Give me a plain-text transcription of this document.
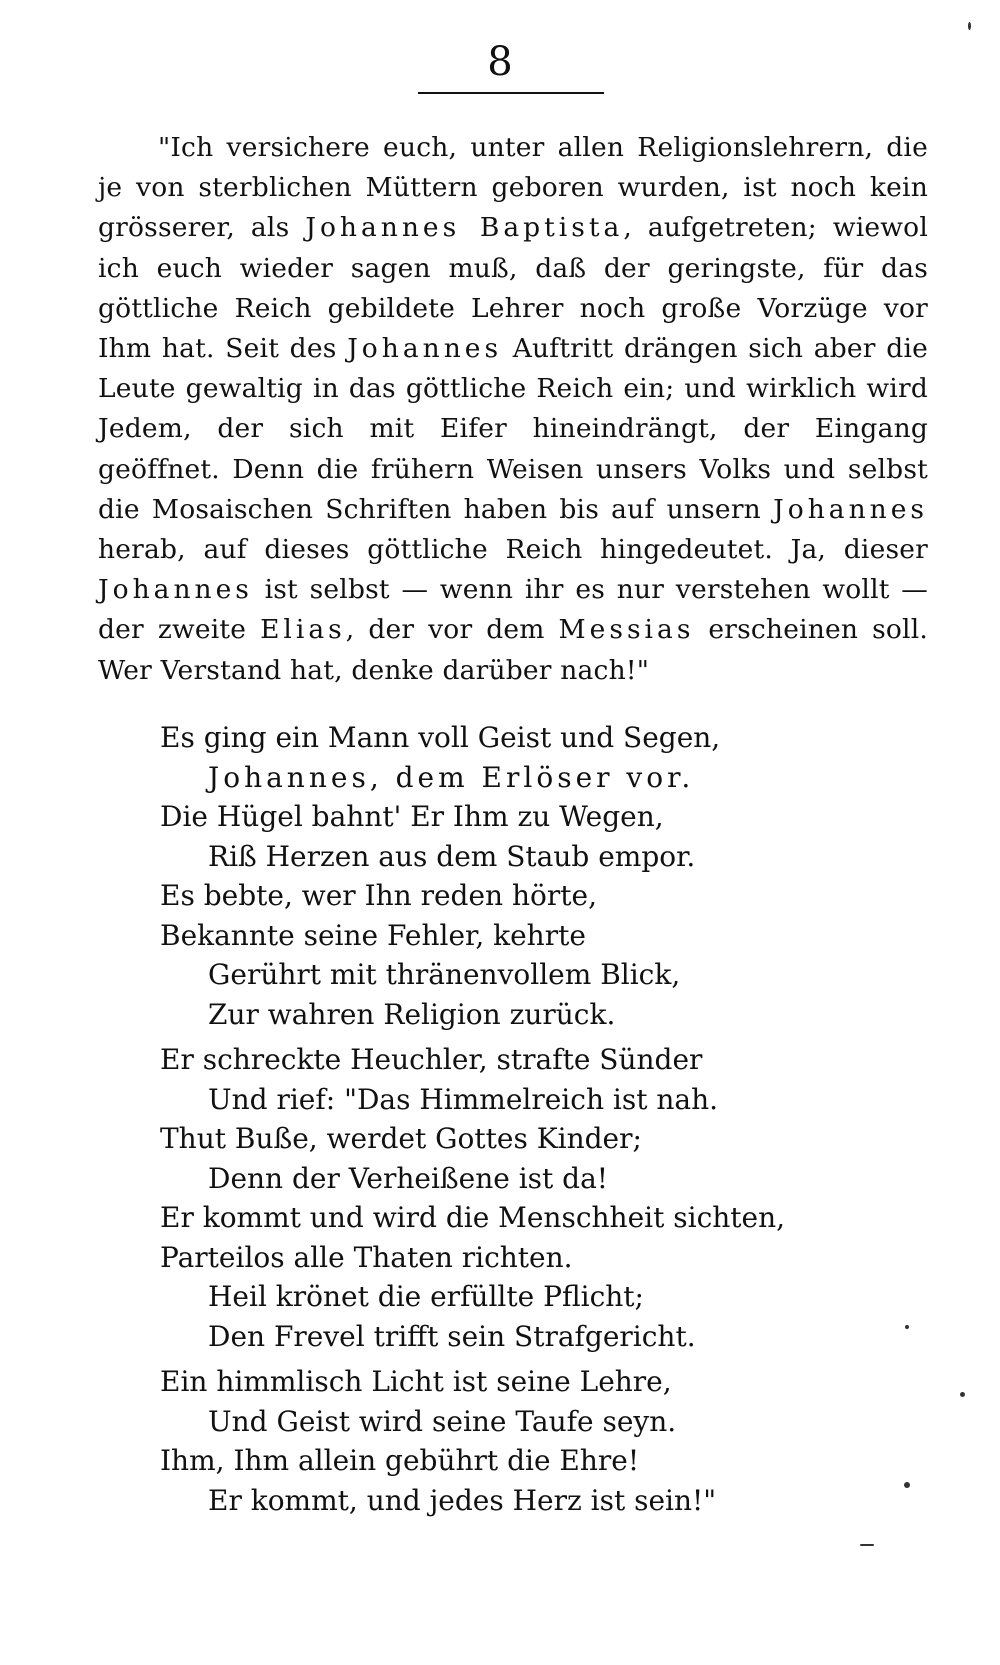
8

"Ich versichere euch, unter allen Religionslehrern, die je von sterblichen Müttern geboren wurden, ist noch kein grösserer, als Johannes Baptista, aufgetreten; wiewol ich euch wieder sagen muß, daß der geringste, für das göttliche Reich gebildete Lehrer noch große Vorzüge vor Ihm hat. Seit des Johannes Auftritt drängen sich aber die Leute gewaltig in das göttliche Reich ein; und wirklich wird Jedem, der sich mit Eifer hineindrängt, der Eingang geöffnet. Denn die frühern Weisen unsers Volks und selbst die Mosaischen Schriften haben bis auf unsern Johannes herab, auf dieses göttliche Reich hingedeutet. Ja, dieser Johannes ist selbst — wenn ihr es nur verstehen wollt — der zweite Elias, der vor dem Messias erscheinen soll. Wer Verstand hat, denke darüber nach!"

Es ging ein Mann voll Geist und Segen,
Johannes, dem Erlöser vor.
Die Hügel bahnt' Er Ihm zu Wegen,
Riß Herzen aus dem Staub empor.
Es bebte, wer Ihn reden hörte,
Bekannte seine Fehler, kehrte
Gerührt mit thränenvollem Blick,
Zur wahren Religion zurück.
Er schreckte Heuchler, strafte Sünder
Und rief: "Das Himmelreich ist nah.
Thut Buße, werdet Gottes Kinder;
Denn der Verheißene ist da!
Er kommt und wird die Menschheit sichten,
Parteilos alle Thaten richten.
Heil krönet die erfüllte Pflicht;
Den Frevel trifft sein Strafgericht.
Ein himmlisch Licht ist seine Lehre,
Und Geist wird seine Taufe seyn.
Ihm, Ihm allein gebührt die Ehre!
Er kommt, und jedes Herz ist sein!"
